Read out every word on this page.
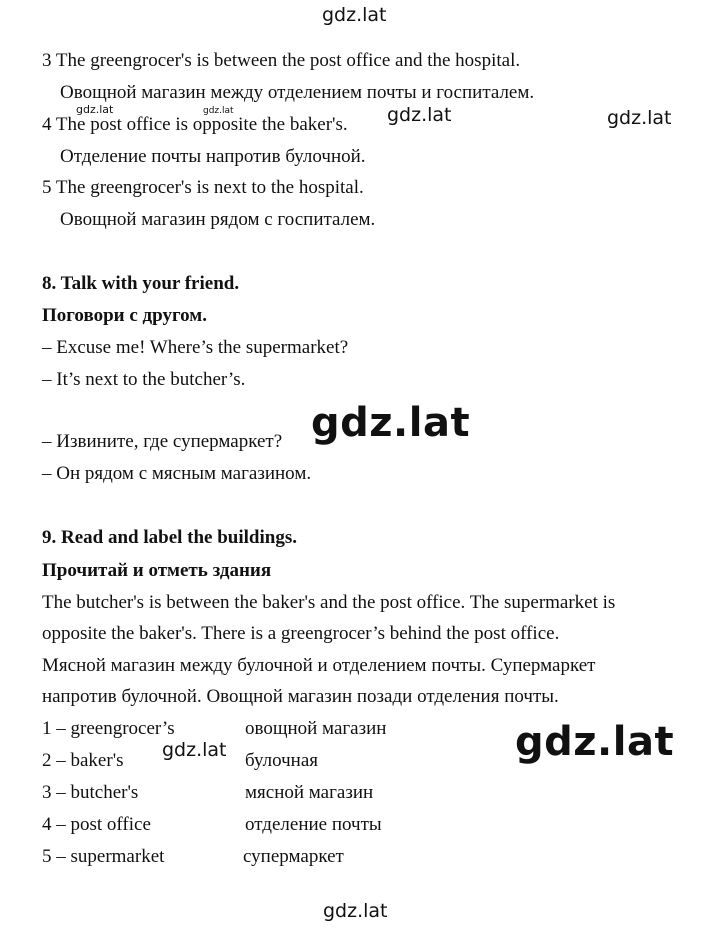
gdz.lat
gdz.lat	gdz.lat	gdz.lat	gdz.lat
gdz.lat
gdz.lat	gdz.lat
gdz.lat
3 The greengrocer's is between the post office and the hospital.
Овощной магазин между отделением почты и госпиталем.
4 The post office is opposite the baker's.
Отделение почты напротив булочной.
5 The greengrocer's is next to the hospital.
Овощной магазин рядом с госпиталем.
8. Talk with your friend.
Поговори с другом.
– Excuse me! Where’s the supermarket?
– It’s next to the butcher’s.
– Извините, где супермаркет?
– Он рядом с мясным магазином.
9. Read and label the buildings.
Прочитай и отметь здания
The butcher's is between the baker's and the post office. The supermarket is
opposite the baker's. There is a greengrocer’s behind the post office.
Мясной магазин между булочной и отделением почты. Супермаркет
напротив булочной. Овощной магазин позади отделения почты.
1 – greengrocer’s	овощной магазин
2 – baker's	булочная
3 – butcher's	мясной магазин
4 – post office	отделение почты
5 – supermarket	супермаркет
